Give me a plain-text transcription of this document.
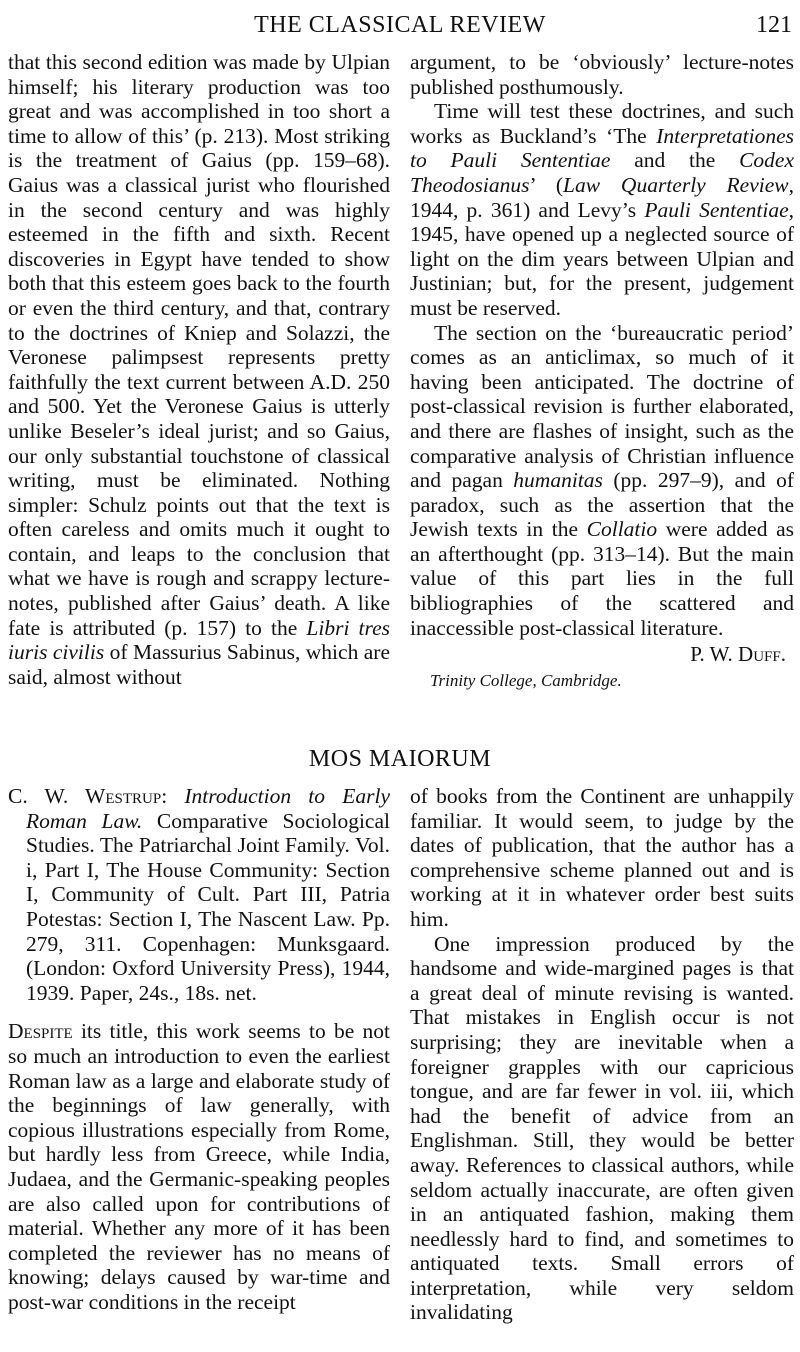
THE CLASSICAL REVIEW	121

that this second edition was made by Ulpian himself; his literary production was too great and was accomplished in too short a time to allow of this’ (p. 213). Most striking is the treatment of Gaius (pp. 159–68). Gaius was a classical jurist who flourished in the second century and was highly esteemed in the fifth and sixth. Recent discoveries in Egypt have tended to show both that this esteem goes back to the fourth or even the third century, and that, contrary to the doctrines of Kniep and Solazzi, the Veronese palimpsest represents pretty faithfully the text current between A.D. 250 and 500. Yet the Veronese Gaius is utterly unlike Beseler’s ideal jurist; and so Gaius, our only substantial touchstone of classical writing, must be eliminated. Nothing simpler: Schulz points out that the text is often careless and omits much it ought to contain, and leaps to the conclusion that what we have is rough and scrappy lecture-notes, published after Gaius’ death. A like fate is attributed (p. 157) to the Libri tres iuris civilis of Massurius Sabinus, which are said, almost without

argument, to be ‘obviously’ lecture-notes published posthumously.

Time will test these doctrines, and such works as Buckland’s ‘The Interpretationes to Pauli Sententiae and the Codex Theodosianus’ (Law Quarterly Review, 1944, p. 361) and Levy’s Pauli Sententiae, 1945, have opened up a neglected source of light on the dim years between Ulpian and Justinian; but, for the present, judgement must be reserved.

The section on the ‘bureaucratic period’ comes as an anticlimax, so much of it having been anticipated. The doctrine of post-classical revision is further elaborated, and there are flashes of insight, such as the comparative analysis of Christian influence and pagan humanitas (pp. 297–9), and of paradox, such as the assertion that the Jewish texts in the Collatio were added as an afterthought (pp. 313–14). But the main value of this part lies in the full bibliographies of the scattered and inaccessible post-classical literature.

P. W. Duff.
Trinity College, Cambridge.
MOS MAIORUM

C. W. Westrup: Introduction to Early Roman Law. Comparative Sociological Studies. The Patriarchal Joint Family. Vol. i, Part I, The House Community: Section I, Community of Cult. Part III, Patria Potestas: Section I, The Nascent Law. Pp. 279, 311. Copenhagen: Munksgaard. (London: Oxford University Press), 1944, 1939. Paper, 24s., 18s. net.

Despite its title, this work seems to be not so much an introduction to even the earliest Roman law as a large and elaborate study of the beginnings of law generally, with copious illustrations especially from Rome, but hardly less from Greece, while India, Judaea, and the Germanic-speaking peoples are also called upon for contributions of material. Whether any more of it has been completed the reviewer has no means of knowing; delays caused by war-time and post-war conditions in the receipt

of books from the Continent are unhappily familiar. It would seem, to judge by the dates of publication, that the author has a comprehensive scheme planned out and is working at it in whatever order best suits him.

One impression produced by the handsome and wide-margined pages is that a great deal of minute revising is wanted. That mistakes in English occur is not surprising; they are inevitable when a foreigner grapples with our capricious tongue, and are far fewer in vol. iii, which had the benefit of advice from an Englishman. Still, they would be better away. References to classical authors, while seldom actually inaccurate, are often given in an antiquated fashion, making them needlessly hard to find, and sometimes to antiquated texts. Small errors of interpretation, while very seldom invalidating
